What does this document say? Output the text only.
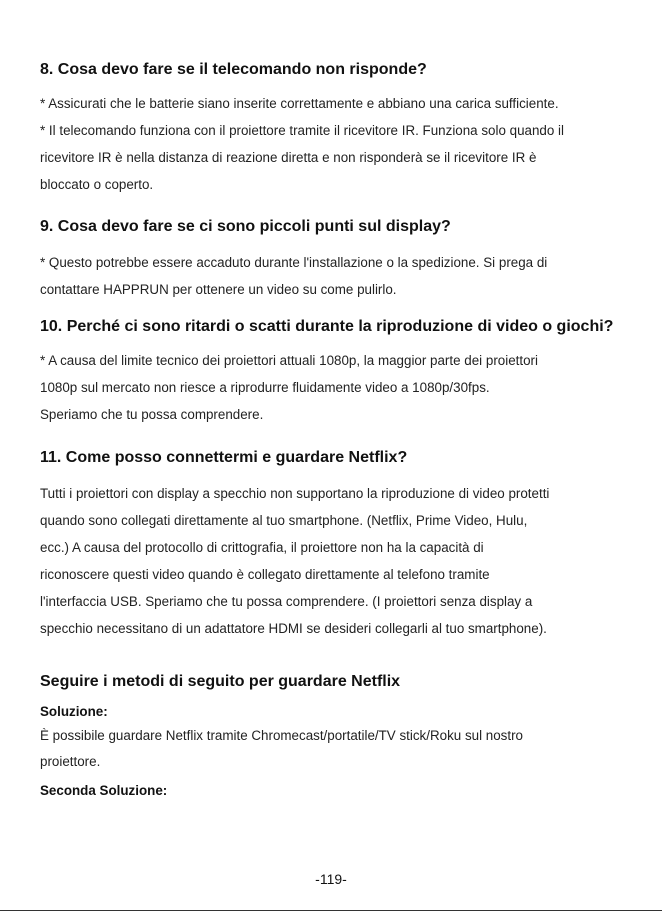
8. Cosa devo fare se il telecomando non risponde?

* Assicurati che le batterie siano inserite correttamente e abbiano una carica sufficiente.

* Il telecomando funziona con il proiettore tramite il ricevitore IR. Funziona solo quando il

ricevitore IR è nella distanza di reazione diretta e non risponderà se il ricevitore IR è

bloccato o coperto.

9. Cosa devo fare se ci sono piccoli punti sul display?

* Questo potrebbe essere accaduto durante l'installazione o la spedizione. Si prega di

contattare HAPPRUN per ottenere un video su come pulirlo.

10. Perché ci sono ritardi o scatti durante la riproduzione di video o giochi?

* A causa del limite tecnico dei proiettori attuali 1080p, la maggior parte dei proiettori

1080p sul mercato non riesce a riprodurre fluidamente video a 1080p/30fps.

Speriamo che tu possa comprendere.

11. Come posso connettermi e guardare Netflix?

Tutti i proiettori con display a specchio non supportano la riproduzione di video protetti

quando sono collegati direttamente al tuo smartphone. (Netflix, Prime Video, Hulu,

ecc.) A causa del protocollo di crittografia, il proiettore non ha la capacità di

riconoscere questi video quando è collegato direttamente al telefono tramite

l'interfaccia USB. Speriamo che tu possa comprendere. (I proiettori senza display a

specchio necessitano di un adattatore HDMI se desideri collegarli al tuo smartphone).

Seguire i metodi di seguito per guardare Netflix

Soluzione:

È possibile guardare Netflix tramite Chromecast/portatile/TV stick/Roku sul nostro

proiettore.

Seconda Soluzione:

-119-
